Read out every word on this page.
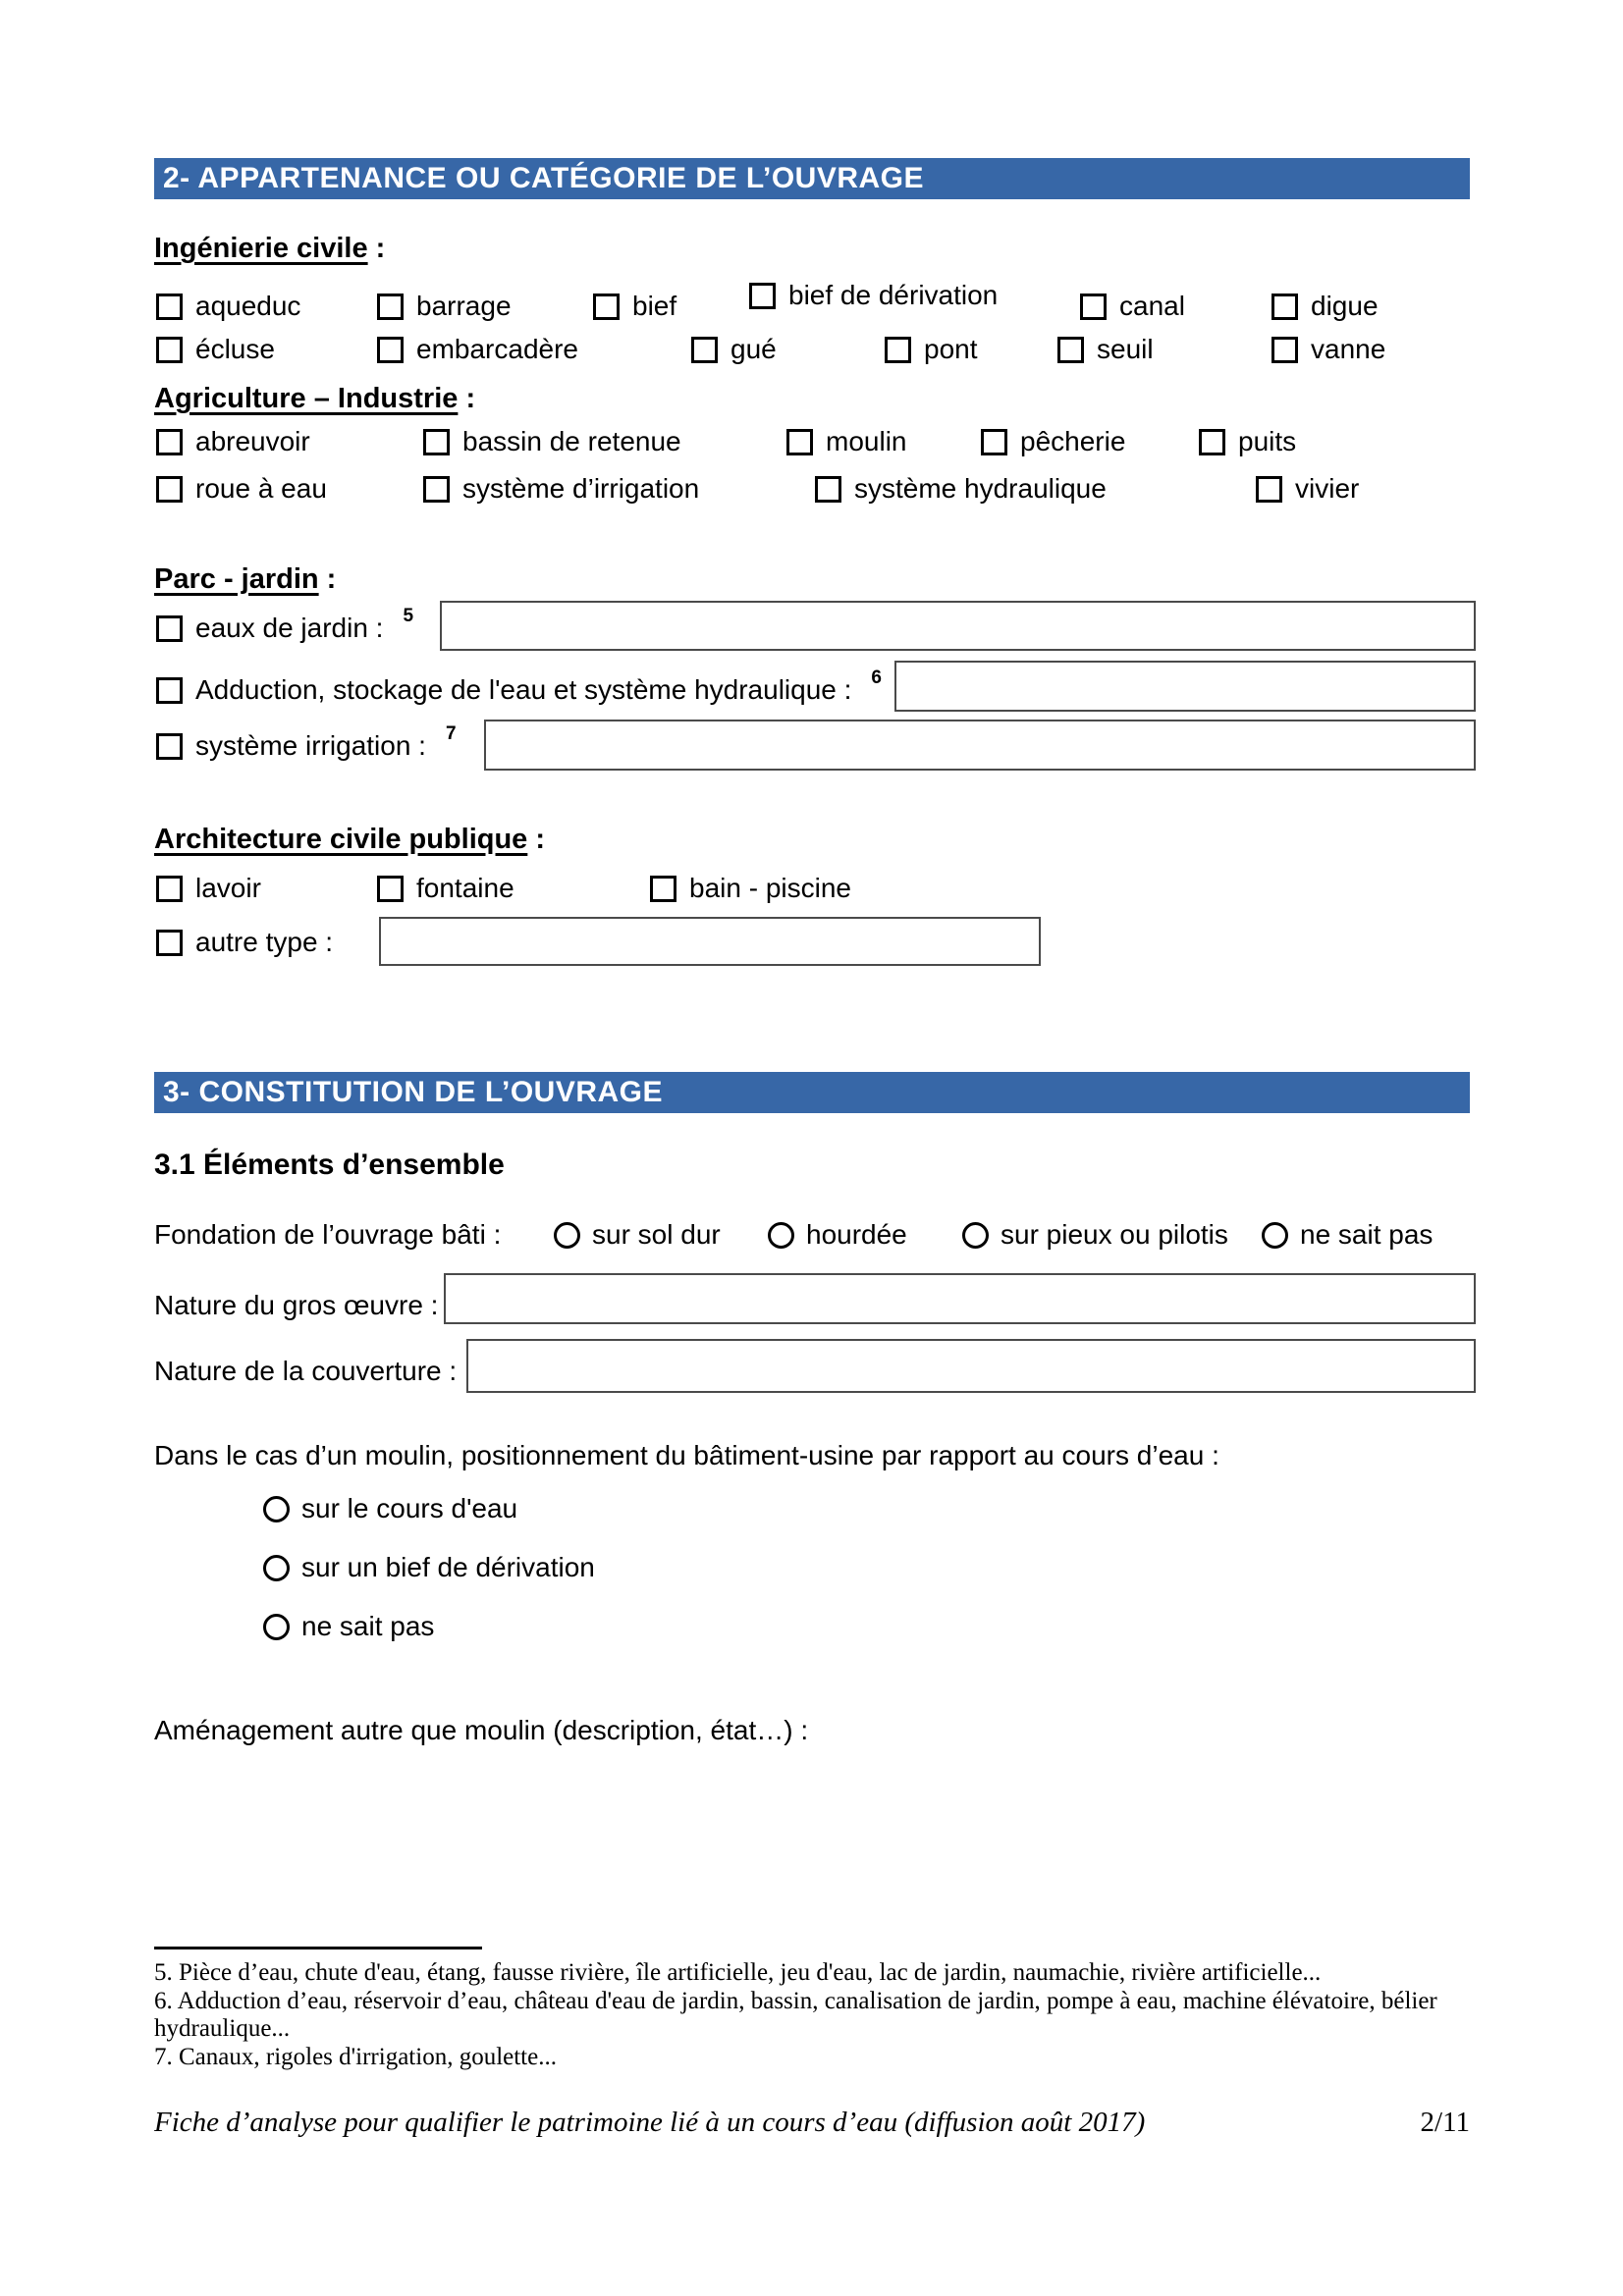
2- APPARTENANCE OU CATÉGORIE DE L’OUVRAGE
Ingénierie civile :
aqueduc	barrage	bief	bief de dérivation	canal	digue
écluse	embarcadère	gué	pont	seuil	vanne
Agriculture – Industrie :
abreuvoir	bassin de retenue	moulin	pêcherie	puits
roue à eau	système d’irrigation	système hydraulique	vivier
Parc - jardin :
eaux de jardin : 5
Adduction, stockage de l'eau et système hydraulique : 6
système irrigation : 7
Architecture civile publique :
lavoir	fontaine	bain - piscine
autre type :
3- CONSTITUTION DE L’OUVRAGE
3.1 Éléments d’ensemble
Fondation de l’ouvrage bâti :	sur sol dur	hourdée	sur pieux ou pilotis	ne sait pas
Nature du gros œuvre :
Nature de la couverture :
Dans le cas d’un moulin, positionnement du bâtiment-usine par rapport au cours d’eau :
sur le cours d'eau
sur un bief de dérivation
ne sait pas
Aménagement autre que moulin (description, état…) :
5. Pièce d’eau, chute d'eau, étang, fausse rivière, île artificielle, jeu d'eau, lac de jardin, naumachie, rivière artificielle...
6. Adduction d’eau, réservoir d’eau, château d'eau de jardin, bassin, canalisation de jardin, pompe à eau, machine élévatoire, bélier hydraulique...
7. Canaux, rigoles d'irrigation, goulette...
Fiche d’analyse pour qualifier le patrimoine lié à un cours d’eau (diffusion août 2017)	2/11
